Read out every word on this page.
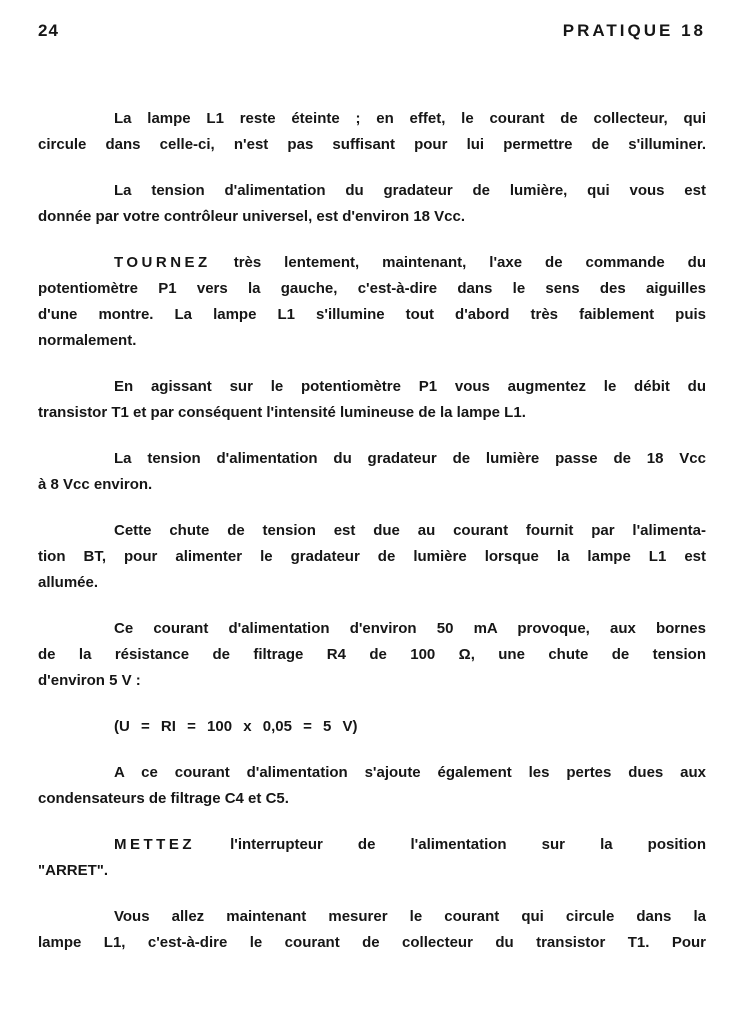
24	PRATIQUE 18
La lampe L1 reste éteinte ; en effet, le courant de collecteur, qui
circule dans celle-ci, n'est pas suffisant pour lui permettre de s'illuminer.
La tension d'alimentation du gradateur de lumière, qui vous est
donnée par votre contrôleur universel, est d'environ 18 Vcc.
TOURNEZ très lentement, maintenant, l'axe de commande du
potentiomètre P1 vers la gauche, c'est-à-dire dans le sens des aiguilles
d'une montre. La lampe L1 s'illumine tout d'abord très faiblement puis
normalement.
En agissant sur le potentiomètre P1 vous augmentez le débit du
transistor T1 et par conséquent l'intensité lumineuse de la lampe L1.
La tension d'alimentation du gradateur de lumière passe de 18 Vcc
à 8 Vcc environ.
Cette chute de tension est due au courant fournit par l'alimenta-
tion BT, pour alimenter le gradateur de lumière lorsque la lampe L1 est
allumée.
Ce courant d'alimentation d'environ 50 mA provoque, aux bornes
de la résistance de filtrage R4 de 100 Ω, une chute de tension
d'environ 5 V :
(U = RI = 100 x 0,05 = 5 V)
A ce courant d'alimentation s'ajoute également les pertes dues aux
condensateurs de filtrage C4 et C5.
METTEZ l'interrupteur de l'alimentation sur la position
"ARRET".
Vous allez maintenant mesurer le courant qui circule dans la
lampe L1, c'est-à-dire le courant de collecteur du transistor T1. Pour
